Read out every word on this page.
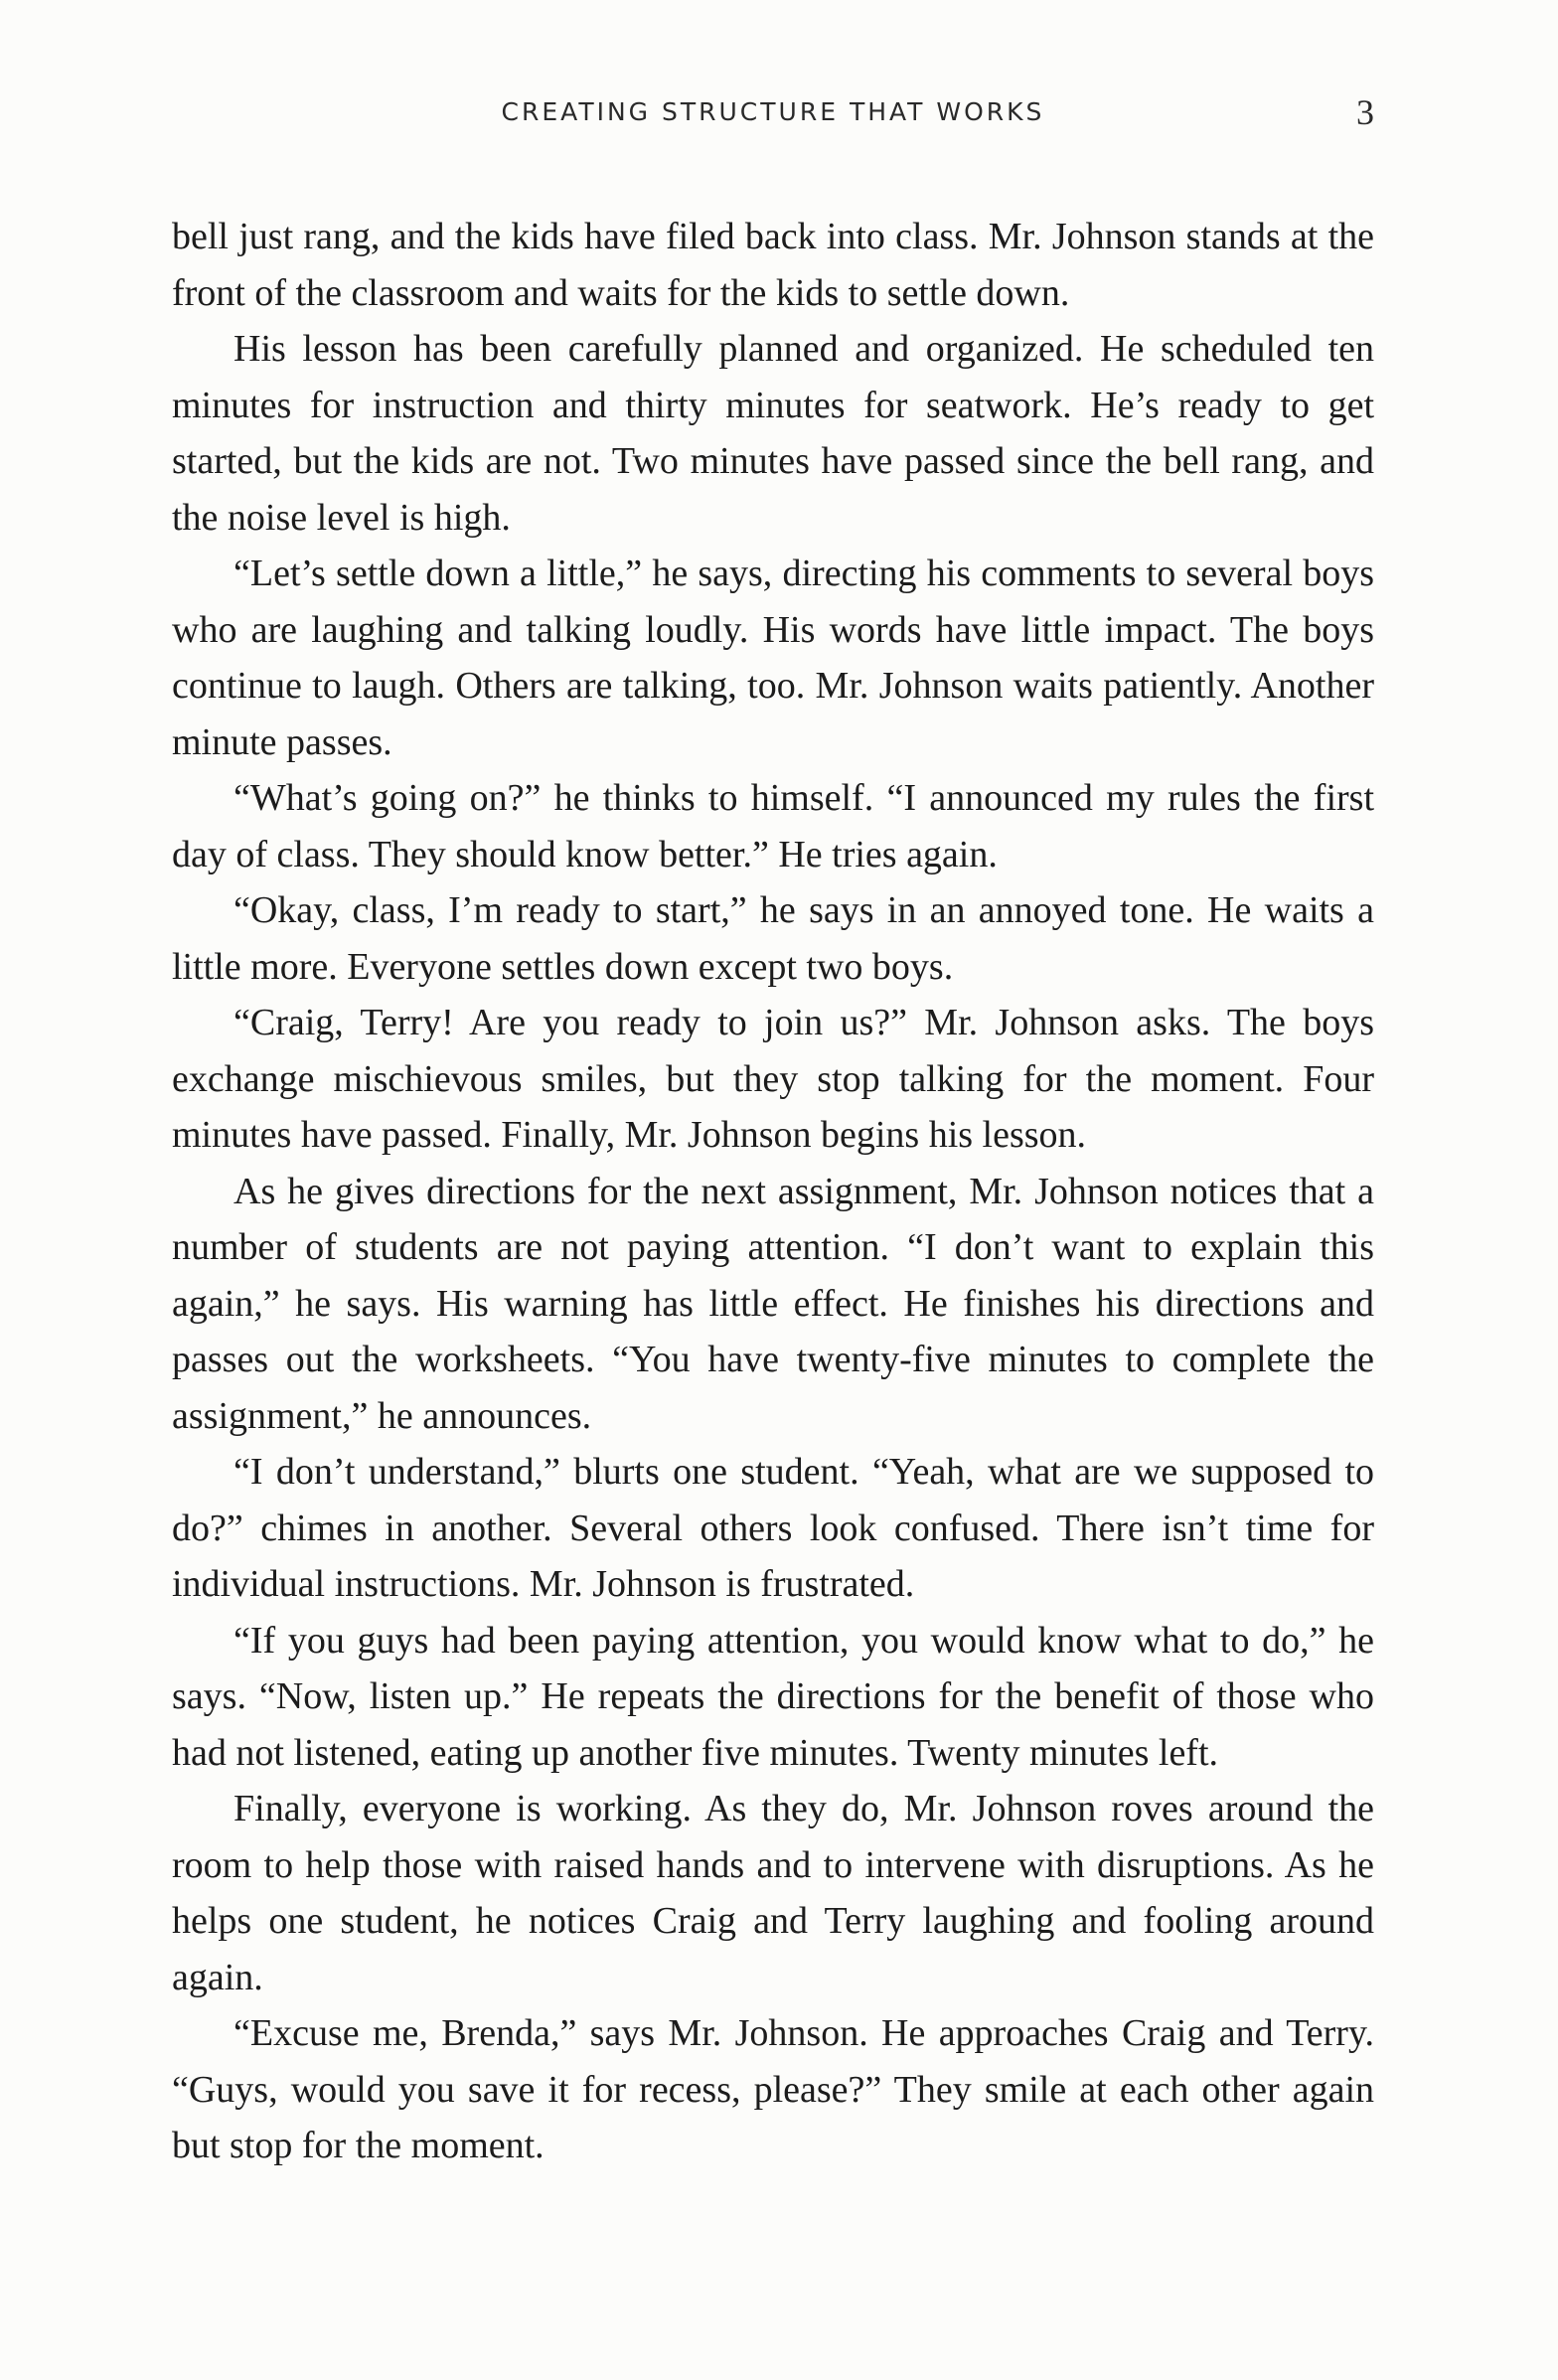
CREATING STRUCTURE THAT WORKS	3

bell just rang, and the kids have filed back into class. Mr. Johnson stands at the front of the classroom and waits for the kids to settle down.

His lesson has been carefully planned and organized. He scheduled ten minutes for instruction and thirty minutes for seatwork. He’s ready to get started, but the kids are not. Two minutes have passed since the bell rang, and the noise level is high.

“Let’s settle down a little,” he says, directing his comments to several boys who are laughing and talking loudly. His words have little impact. The boys continue to laugh. Others are talking, too. Mr. Johnson waits patiently. Another minute passes.

“What’s going on?” he thinks to himself. “I announced my rules the first day of class. They should know better.” He tries again.

“Okay, class, I’m ready to start,” he says in an annoyed tone. He waits a little more. Everyone settles down except two boys.

“Craig, Terry! Are you ready to join us?” Mr. Johnson asks. The boys exchange mischievous smiles, but they stop talking for the moment. Four minutes have passed. Finally, Mr. Johnson begins his lesson.

As he gives directions for the next assignment, Mr. Johnson notices that a number of students are not paying attention. “I don’t want to explain this again,” he says. His warning has little effect. He finishes his directions and passes out the worksheets. “You have twenty-five minutes to complete the assignment,” he announces.

“I don’t understand,” blurts one student. “Yeah, what are we supposed to do?” chimes in another. Several others look confused. There isn’t time for individual instructions. Mr. Johnson is frustrated.

“If you guys had been paying attention, you would know what to do,” he says. “Now, listen up.” He repeats the directions for the benefit of those who had not listened, eating up another five minutes. Twenty minutes left.

Finally, everyone is working. As they do, Mr. Johnson roves around the room to help those with raised hands and to intervene with disruptions. As he helps one student, he notices Craig and Terry laughing and fooling around again.

“Excuse me, Brenda,” says Mr. Johnson. He approaches Craig and Terry. “Guys, would you save it for recess, please?” They smile at each other again but stop for the moment.
